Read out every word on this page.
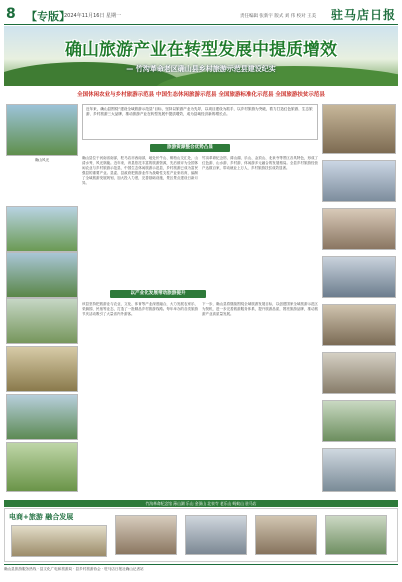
8 【专版】
2024年11月16日 星期一	责任编辑 张新宇 版式 刘 伟 校对 王美 驻马店日报
确山旅游产业在转型发展中提质增效
— 竹沟革命老区确山县乡村旅游示范县建设纪实
全国休闲农业与乡村旅游示范县 中国生态休闲旅游示范县 全国旅游标准化示范县 全国旅游扶贫示范县
确山风光
近年来，确山县围绕“建设全域旅游示范县”目标，坚持以旅游产业为先导，以项目建设为抓手，以乡村旅游为突破，着力打造红色旅游、生态旅游、乡村旅游三大品牌，推动旅游产业在转型发展中提质增效，成为县域经济新的增长点。
旅游资源整合优势凸显
以产业化发展带动旅游提升
确山县位于河南省南部，驻马店市西南部，地处伏牛山、桐柏山交汇处，山清水秀，风光旖旎。近年来，该县依托丰富的旅游资源，先后被评为全国休闲农业与乡村旅游示范县、中国生态休闲旅游示范县，乡村旅游已成为富民强县的重要产业。县委、县政府把旅游业作为战略性支柱产业来培育，编制了全域旅游发展规划，加大投入力度，完善基础设施，景区景点建设日新月异。
竹沟革命纪念馆、薄山湖、乐山、金顶山、北泉寺等景区各具特色，形成了红色游、山水游、乡村游、休闲游多元融合的发展格局。全县乡村旅游经营户达数百家，带动就业上万人，乡村旅游扶贫成效显著。
该县坚持把旅游业与农业、文化、体育等产业深度融合，大力发展农家乐、采摘园、民宿等业态，打造了一批精品乡村旅游线路。每年举办的各类旅游节庆活动吸引了大量省内外游客。
下一步，确山县将继续围绕全域旅游发展目标，以创建国家全域旅游示范区为契机，进一步完善旅游服务体系，提升旅游品质，擦亮旅游品牌，推动旅游产业高质量发展。
竹沟革命纪念馆 薄山湖 乐山 金顶山 北泉寺 老乐山 蚂蚁山 驻马店
电商+旅游 融合发展
确山县旅游服务热线 · 县文化广电和旅游局 · 县乡村旅游协会 · 驻马店日报社确山记者站
